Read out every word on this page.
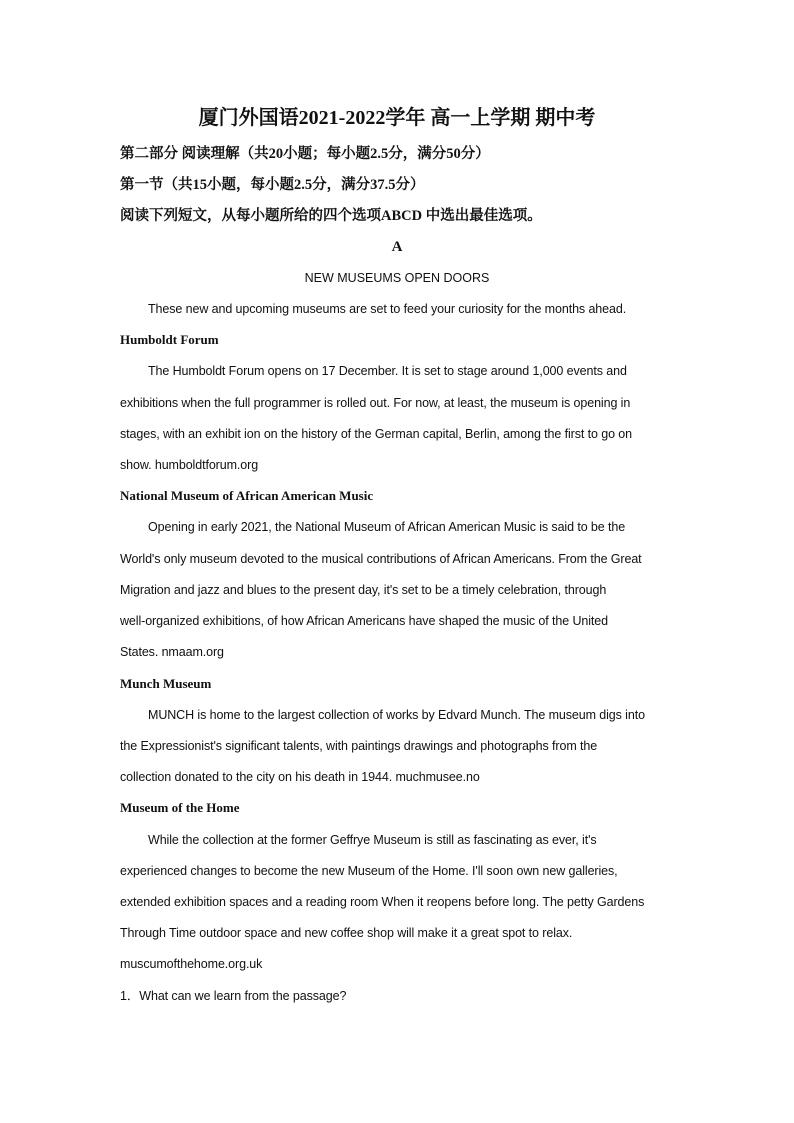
厦门外国语2021-2022学年 高一上学期 期中考
第二部分 阅读理解（共20小题；每小题2.5分，满分50分）
第一节（共15小题，每小题2.5分，满分37.5分）
阅读下列短文，从每小题所给的四个选项ABCD 中选出最佳选项。
A
NEW MUSEUMS OPEN DOORS
These new and upcoming museums are set to feed your curiosity for the months ahead.
Humboldt Forum
The Humboldt Forum opens on 17 December. It is set to stage around 1,000 events and
exhibitions when the full programmer is rolled out. For now, at least, the museum is opening in
stages, with an exhibit ion on the history of the German capital, Berlin, among the first to go on
show. humboldtforum.org
National Museum of African American Music
Opening in early 2021, the National Museum of African American Music is said to be the
World's only museum devoted to the musical contributions of African Americans. From the Great
Migration and jazz and blues to the present day, it's set to be a timely celebration, through
well-organized exhibitions, of how African Americans have shaped the music of the United
States. nmaam.org
Munch Museum
MUNCH is home to the largest collection of works by Edvard Munch. The museum digs into
the Expressionist's significant talents, with paintings drawings and photographs from the
collection donated to the city on his death in 1944. muchmusee.no
Museum of the Home
While the collection at the former Geffrye Museum is still as fascinating as ever, it's
experienced changes to become the new Museum of the Home. I'll soon own new galleries,
extended exhibition spaces and a reading room When it reopens before long. The petty Gardens
Through Time outdoor space and new coffee shop will make it a great spot to relax.
muscumofthehome.org.uk
1．What can we learn from the passage?
